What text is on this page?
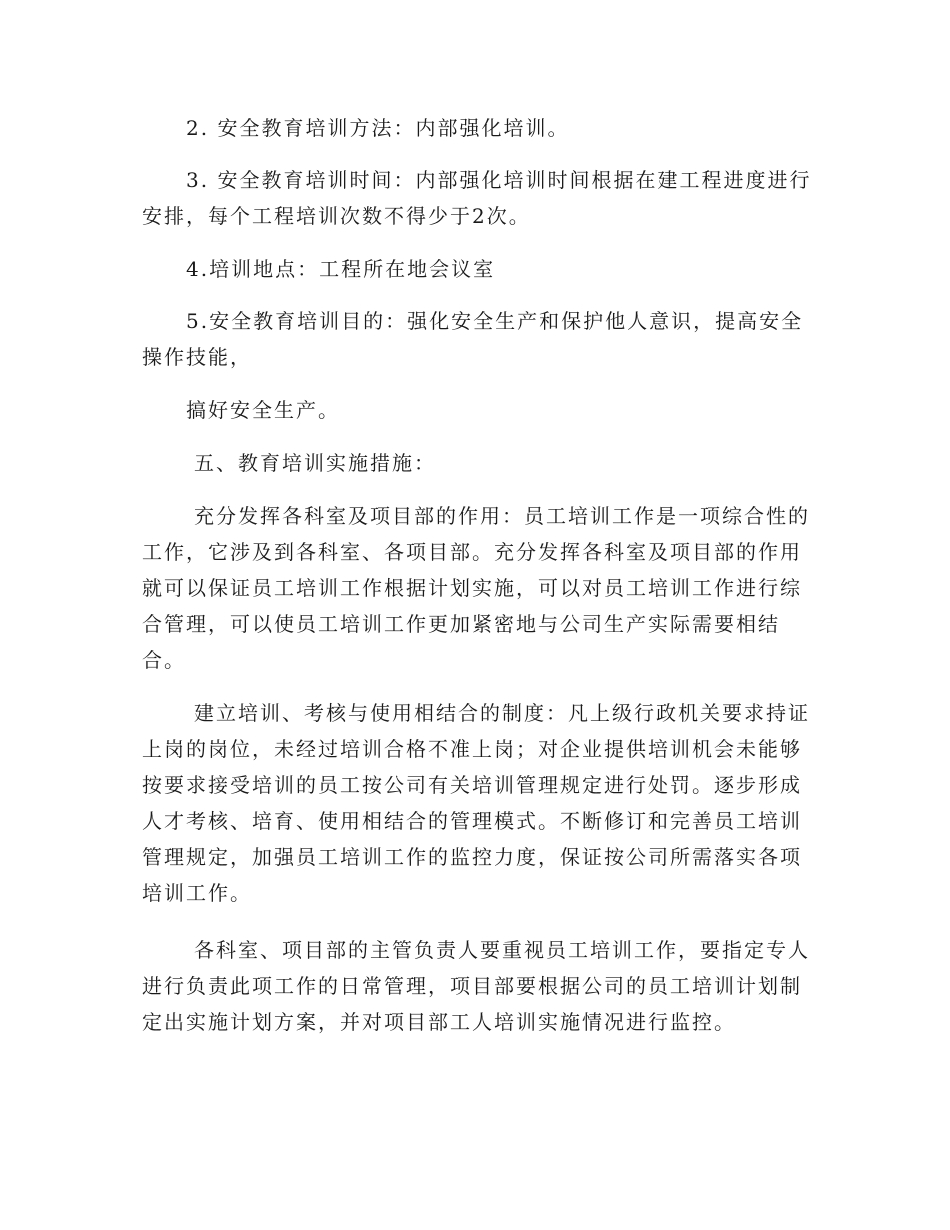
2. 安全教育培训方法：内部强化培训。

3. 安全教育培训时间：内部强化培训时间根据在建工程进度进行
安排，每个工程培训次数不得少于2次。

4.培训地点：工程所在地会议室

5.安全教育培训目的：强化安全生产和保护他人意识，提高安全
操作技能，

搞好安全生产。

五、教育培训实施措施：

充分发挥各科室及项目部的作用：员工培训工作是一项综合性的
工作，它涉及到各科室、各项目部。充分发挥各科室及项目部的作用
就可以保证员工培训工作根据计划实施，可以对员工培训工作进行综
合管理，可以使员工培训工作更加紧密地与公司生产实际需要相结
合。

建立培训、考核与使用相结合的制度：凡上级行政机关要求持证
上岗的岗位，未经过培训合格不准上岗；对企业提供培训机会未能够
按要求接受培训的员工按公司有关培训管理规定进行处罚。逐步形成
人才考核、培育、使用相结合的管理模式。不断修订和完善员工培训
管理规定，加强员工培训工作的监控力度，保证按公司所需落实各项
培训工作。

各科室、项目部的主管负责人要重视员工培训工作，要指定专人
进行负责此项工作的日常管理，项目部要根据公司的员工培训计划制
定出实施计划方案，并对项目部工人培训实施情况进行监控。
